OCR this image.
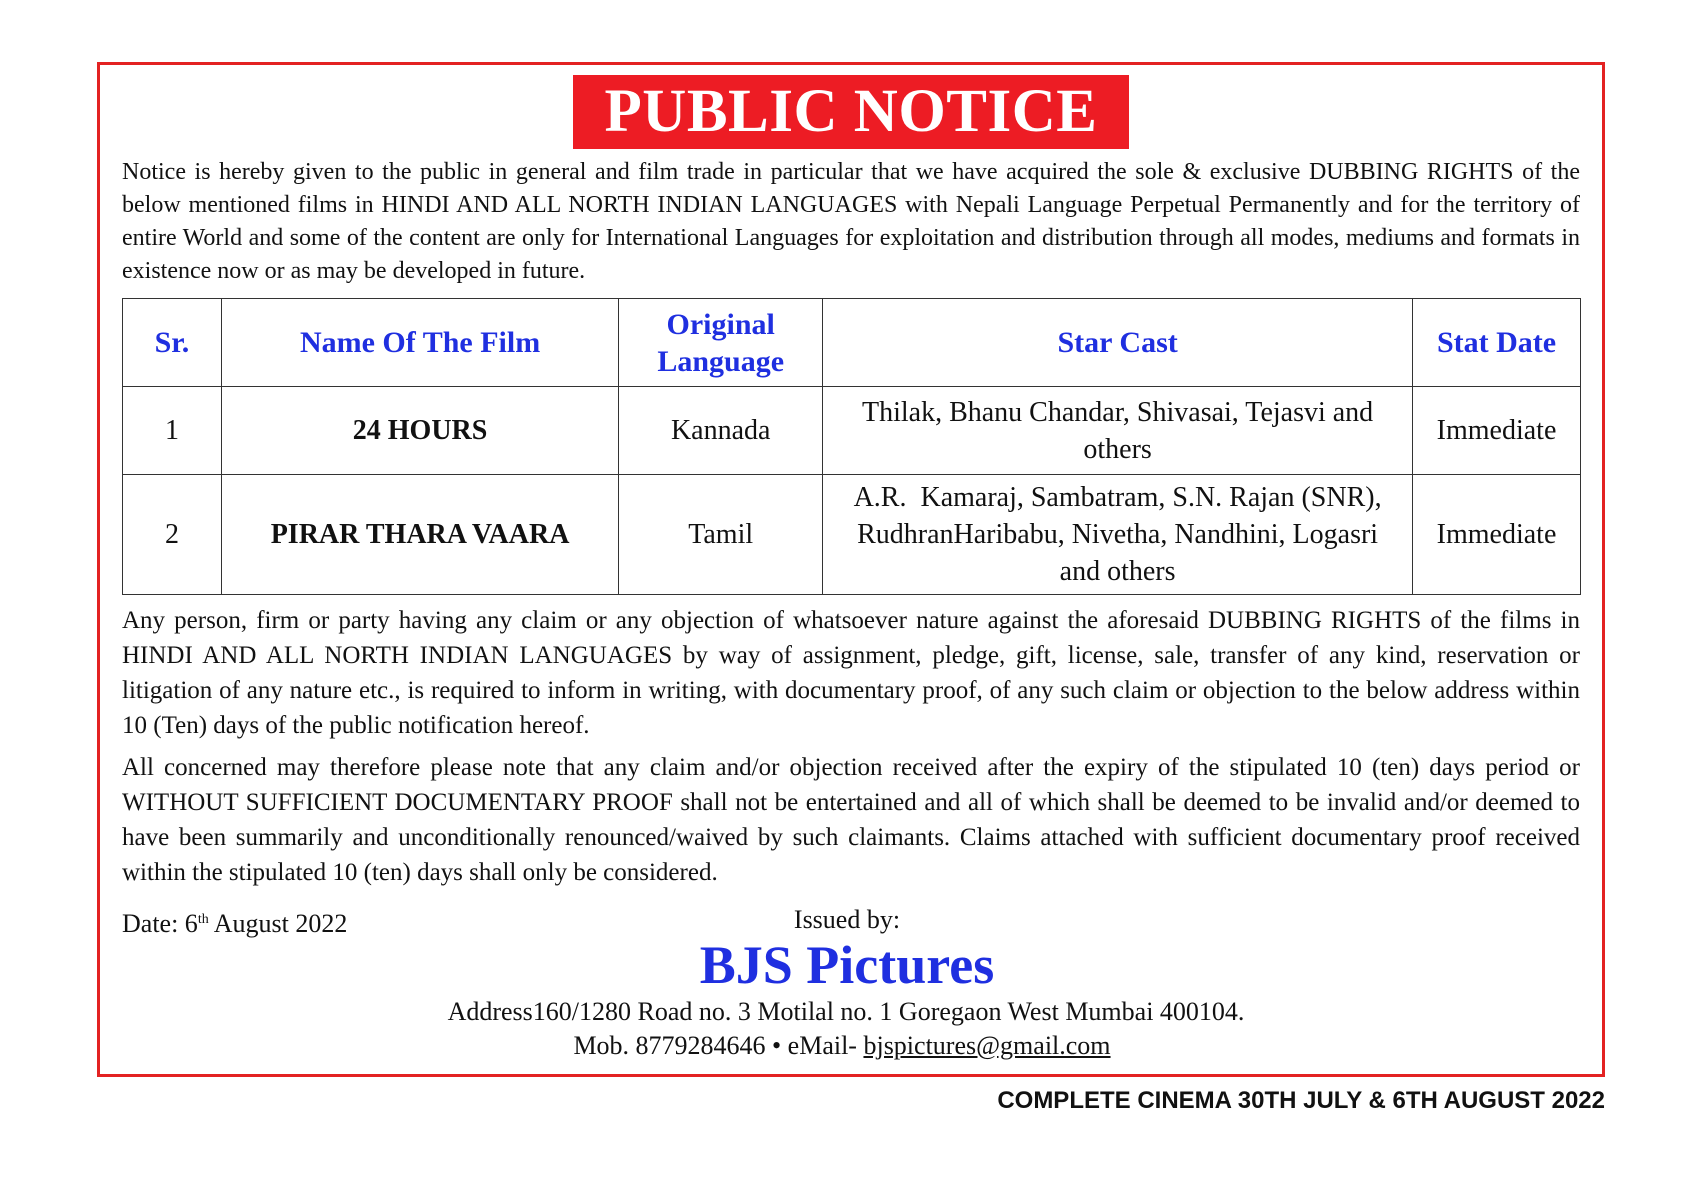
PUBLIC NOTICE

Notice is hereby given to the public in general and film trade in particular that we have acquired the sole & exclusive DUBBING RIGHTS of the below mentioned films in HINDI AND ALL NORTH INDIAN LANGUAGES with Nepali Language Perpetual Permanently and for the territory of entire World and some of the content are only for International Languages for exploitation and distribution through all modes, mediums and formats in existence now or as may be developed in future.

Sr.	Name Of The Film	Original Language	Star Cast	Stat Date
1	24 HOURS	Kannada	Thilak, Bhanu Chandar, Shivasai, Tejasvi and others	Immediate
2	PIRAR THARA VAARA	Tamil	A.R.  Kamaraj, Sambatram, S.N. Rajan (SNR), RudhranHaribabu, Nivetha, Nandhini, Logasri and others	Immediate

Any person, firm or party having any claim or any objection of whatsoever nature against the aforesaid DUBBING RIGHTS of the films in HINDI AND ALL NORTH INDIAN LANGUAGES by way of assignment, pledge, gift, license, sale, transfer of any kind, reservation or litigation of any nature etc., is required to inform in writing, with documentary proof, of any such claim or objection to the below address within 10 (Ten) days of the public notification hereof.

All concerned may therefore please note that any claim and/or objection received after the expiry of the stipulated 10 (ten) days period or WITHOUT SUFFICIENT DOCUMENTARY PROOF shall not be entertained and all of which shall be deemed to be invalid and/or deemed to have been summarily and unconditionally renounced/waived by such claimants. Claims attached with sufficient documentary proof received within the stipulated 10 (ten) days shall only be considered.

Date: 6th August 2022	Issued by:
BJS Pictures
Address160/1280 Road no. 3 Motilal no. 1 Goregaon West Mumbai 400104.
Mob. 8779284646 • eMail- bjspictures@gmail.com
COMPLETE CINEMA 30TH JULY & 6TH AUGUST 2022
